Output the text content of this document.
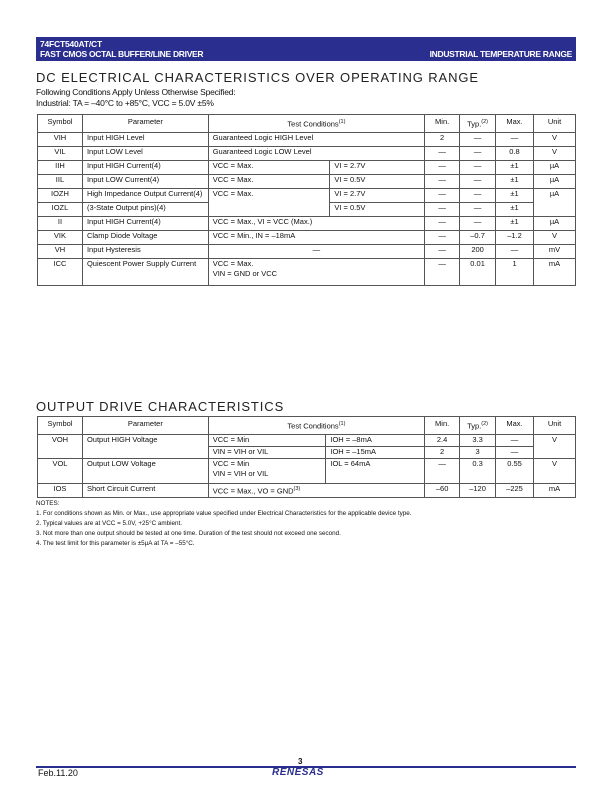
74FCT540AT/CT
FAST CMOS OCTAL BUFFER/LINE DRIVER	INDUSTRIAL TEMPERATURE RANGE
DC ELECTRICAL CHARACTERISTICS OVER OPERATING RANGE
Following Conditions Apply Unless Otherwise Specified:
Industrial: TA = –40°C to +85°C, VCC = 5.0V ±5%
Symbol	Parameter	Test Conditions$^{(1)}$		Min.	Typ.$^{(2)}$	Max.	Unit
VIH	Input HIGH Level	Guaranteed Logic HIGH Level		2	—	—	V
VIL	Input LOW Level	Guaranteed Logic LOW Level		—	—	0.8	V
IIH	Input HIGH Current(4)	VCC = Max.	VI = 2.7V	—	—	±1	µA
IIL	Input LOW Current(4)	VCC = Max.	VI = 0.5V	—	—	±1	µA
IOZH	High Impedance Output Current(4)	VCC = Max.	VI = 2.7V	—	—	±1	µA
IOZL	(3-State Output pins)(4)		VI = 0.5V	—	—	±1	
II	Input HIGH Current(4)	VCC = Max., VI = VCC (Max.)		—	—	±1	µA
VIK	Clamp Diode Voltage	VCC = Min., IN = –18mA		—	–0.7	–1.2	V
VH	Input Hysteresis	—		—	200	—	mV
ICC	Quiescent Power Supply Current	VCC = Max.
VIN = GND or VCC		—	0.01	1	mA
OUTPUT DRIVE CHARACTERISTICS
Symbol	Parameter	Test Conditions$^{(1)}$		Min.	Typ.$^{(2)}$	Max.	Unit
VOH	Output HIGH Voltage	VCC = Min	IOH = –8mA	2.4	3.3	—	V
		VIN = VIH or VIL	IOH = –15mA	2	3	—	
VOL	Output LOW Voltage	VCC = Min
VIN = VIH or VIL	IOL = 64mA	—	0.3	0.55	V
IOS	Short Circuit Current	VCC = Max., VO = $GND^{(3)}$		–60	–120	–225	mA
NOTES:
1. For conditions shown as Min. or Max., use appropriate value specified under Electrical Characteristics for the applicable device type.
2. Typical values are at VCC = 5.0V, +25°C ambient.
3. Not more than one output should be tested at one time. Duration of the test should not exceed one second.
4. The test limit for this parameter is ±5µA at TA = –55°C.
3
Feb.11.20	RENESAS
